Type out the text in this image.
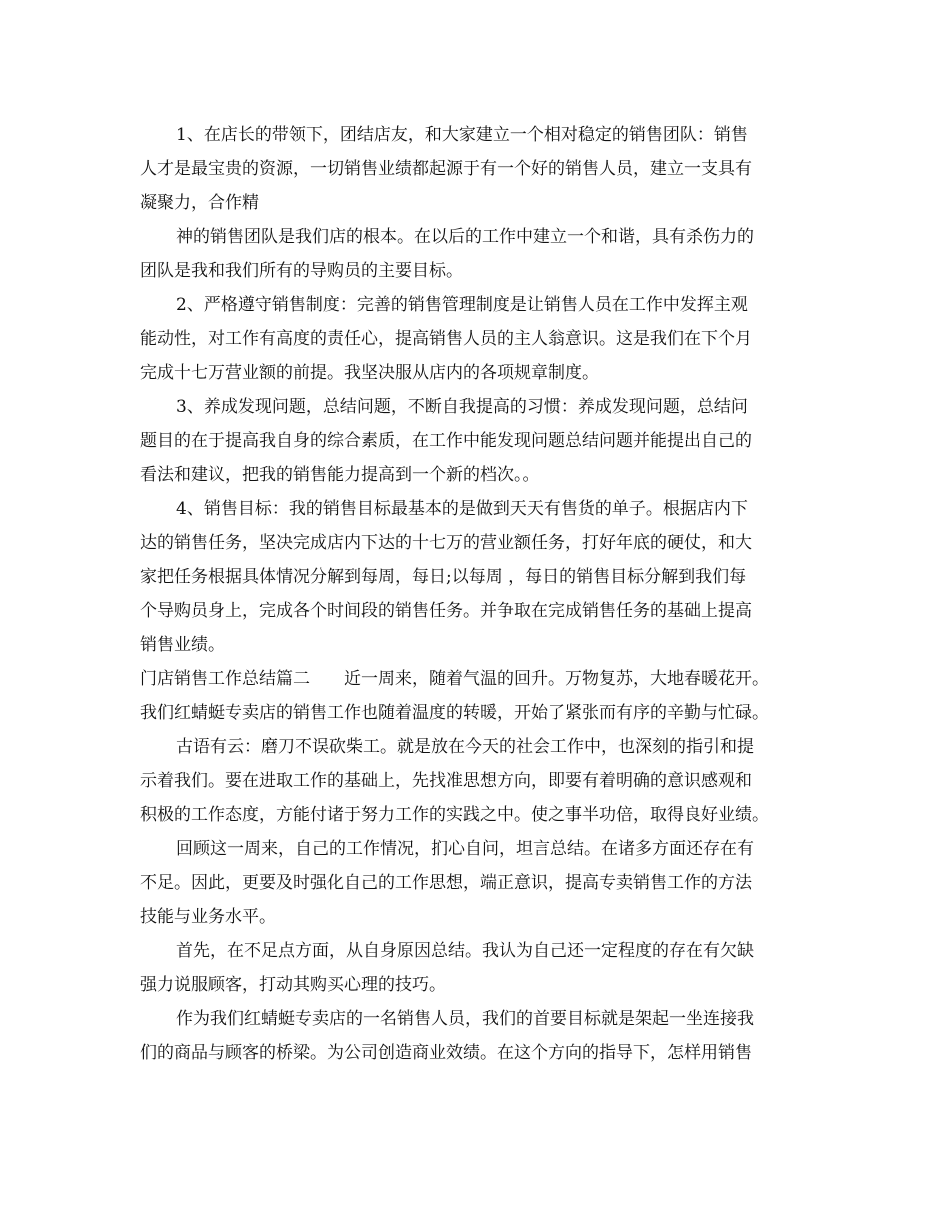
1、在店长的带领下，团结店友，和大家建立一个相对稳定的销售团队：销售
人才是最宝贵的资源，一切销售业绩都起源于有一个好的销售人员，建立一支具有
凝聚力，合作精

神的销售团队是我们店的根本。在以后的工作中建立一个和谐，具有杀伤力的
团队是我和我们所有的导购员的主要目标。

2、严格遵守销售制度：完善的销售管理制度是让销售人员在工作中发挥主观
能动性，对工作有高度的责任心，提高销售人员的主人翁意识。这是我们在下个月
完成十七万营业额的前提。我坚决服从店内的各项规章制度。

3、养成发现问题，总结问题，不断自我提高的习惯：养成发现问题，总结问
题目的在于提高我自身的综合素质，在工作中能发现问题总结问题并能提出自己的
看法和建议，把我的销售能力提高到一个新的档次。。

4、销售目标：我的销售目标最基本的是做到天天有售货的单子。根据店内下
达的销售任务，坚决完成店内下达的十七万的营业额任务，打好年底的硬仗，和大
家把任务根据具体情况分解到每周，每日;以每周 ，每日的销售目标分解到我们每
个导购员身上，完成各个时间段的销售任务。并争取在完成销售任务的基础上提高
销售业绩。

门店销售工作总结篇二　　近一周来，随着气温的回升。万物复苏，大地春暖花开。
我们红蜻蜓专卖店的销售工作也随着温度的转暖，开始了紧张而有序的辛勤与忙碌。

古语有云：磨刀不误砍柴工。就是放在今天的社会工作中，也深刻的指引和提
示着我们。要在进取工作的基础上，先找准思想方向，即要有着明确的意识感观和
积极的工作态度，方能付诸于努力工作的实践之中。使之事半功倍，取得良好业绩。

回顾这一周来，自己的工作情况，扪心自问，坦言总结。在诸多方面还存在有
不足。因此，更要及时强化自己的工作思想，端正意识，提高专卖销售工作的方法
技能与业务水平。

首先，在不足点方面，从自身原因总结。我认为自己还一定程度的存在有欠缺
强力说服顾客，打动其购买心理的技巧。

作为我们红蜻蜓专卖店的一名销售人员，我们的首要目标就是架起一坐连接我
们的商品与顾客的桥梁。为公司创造商业效绩。在这个方向的指导下，怎样用销售
